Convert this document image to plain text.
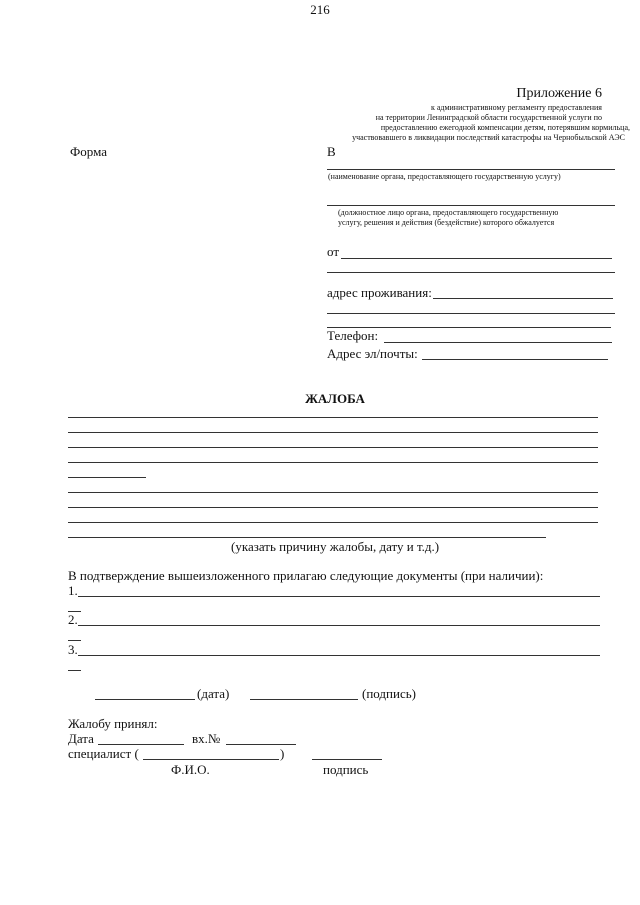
216
Приложение 6
к административному регламенту предоставления
на территории Ленинградской области государственной услуги по
предоставлению ежегодной компенсации детям, потерявшим кормильца,
участвовавшего в ликвидации последствий катастрофы на Чернобыльской АЭС
Форма	В
(наименование органа, предоставляющего государственную услугу)
(должностное лицо органа, предоставляющего государственную
услугу, решения и действия (бездействие) которого обжалуется
от
адрес проживания:
Телефон:
Адрес эл/почты:
ЖАЛОБА
(указать причину жалобы, дату и т.д.)
В подтверждение вышеизложенного прилагаю следующие документы (при наличии):
1.
2.
3.
(дата)	(подпись)
Жалобу принял:
Дата	вх.№
специалист (	)
Ф.И.О.	подпись
